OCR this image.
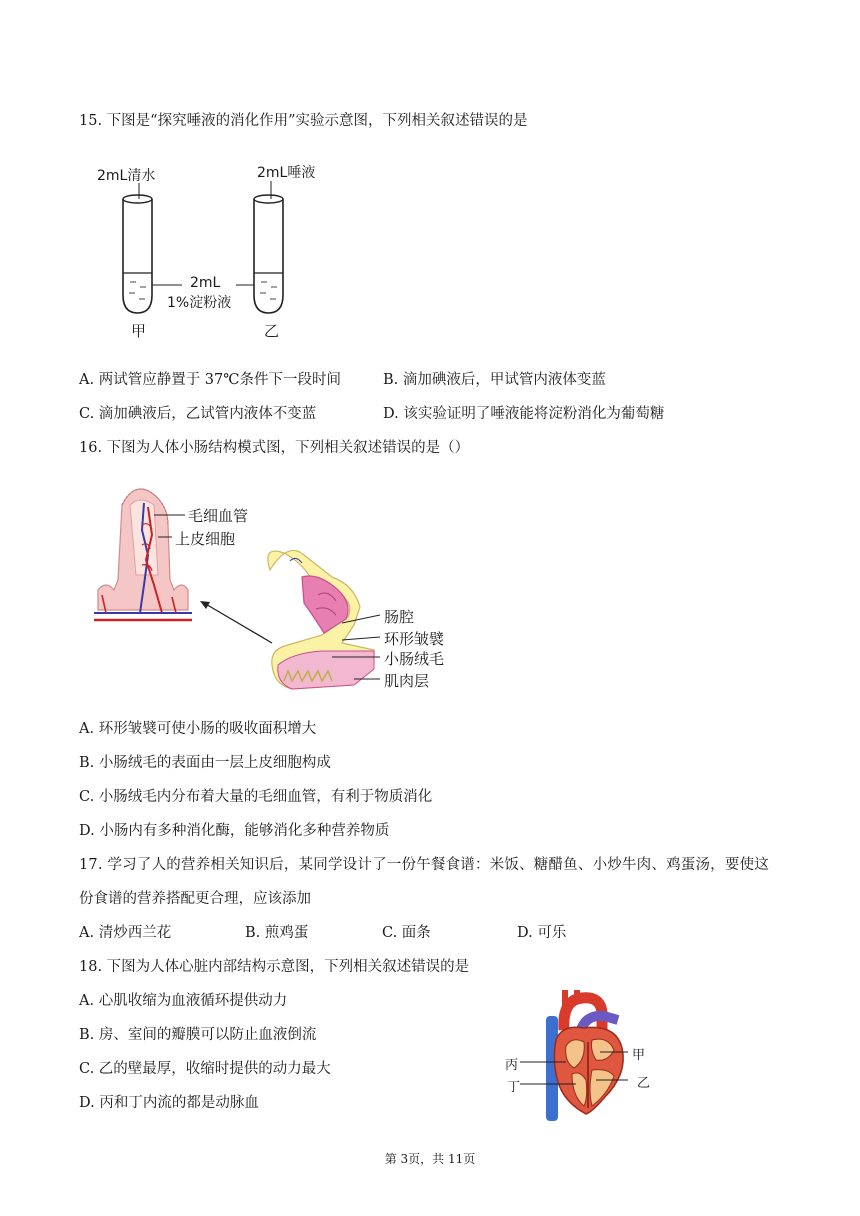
15. 下图是“探究唾液的消化作用”实验示意图，下列相关叙述错误的是
2mL清水	2mL唾液
2mL
1%淀粉液
甲	乙
A. 两试管应静置于 37℃条件下一段时间	B. 滴加碘液后，甲试管内液体变蓝
C. 滴加碘液后，乙试管内液体不变蓝	D. 该实验证明了唾液能将淀粉消化为葡萄糖
16. 下图为人体小肠结构模式图，下列相关叙述错误的是（）
毛细血管
上皮细胞
肠腔
环形皱襞
小肠绒毛
肌肉层
A. 环形皱襞可使小肠的吸收面积增大
B. 小肠绒毛的表面由一层上皮细胞构成
C. 小肠绒毛内分布着大量的毛细血管，有利于物质消化
D. 小肠内有多种消化酶，能够消化多种营养物质
17. 学习了人的营养相关知识后，某同学设计了一份午餐食谱：米饭、糖醋鱼、小炒牛肉、鸡蛋汤，要使这
份食谱的营养搭配更合理，应该添加
A. 清炒西兰花	B. 煎鸡蛋	C. 面条	D. 可乐
18. 下图为人体心脏内部结构示意图，下列相关叙述错误的是
A. 心肌收缩为血液循环提供动力
B. 房、室间的瓣膜可以防止血液倒流
C. 乙的壁最厚，收缩时提供的动力最大
D. 丙和丁内流的都是动脉血
甲
乙
丙
丁
第 3页，共 11页
